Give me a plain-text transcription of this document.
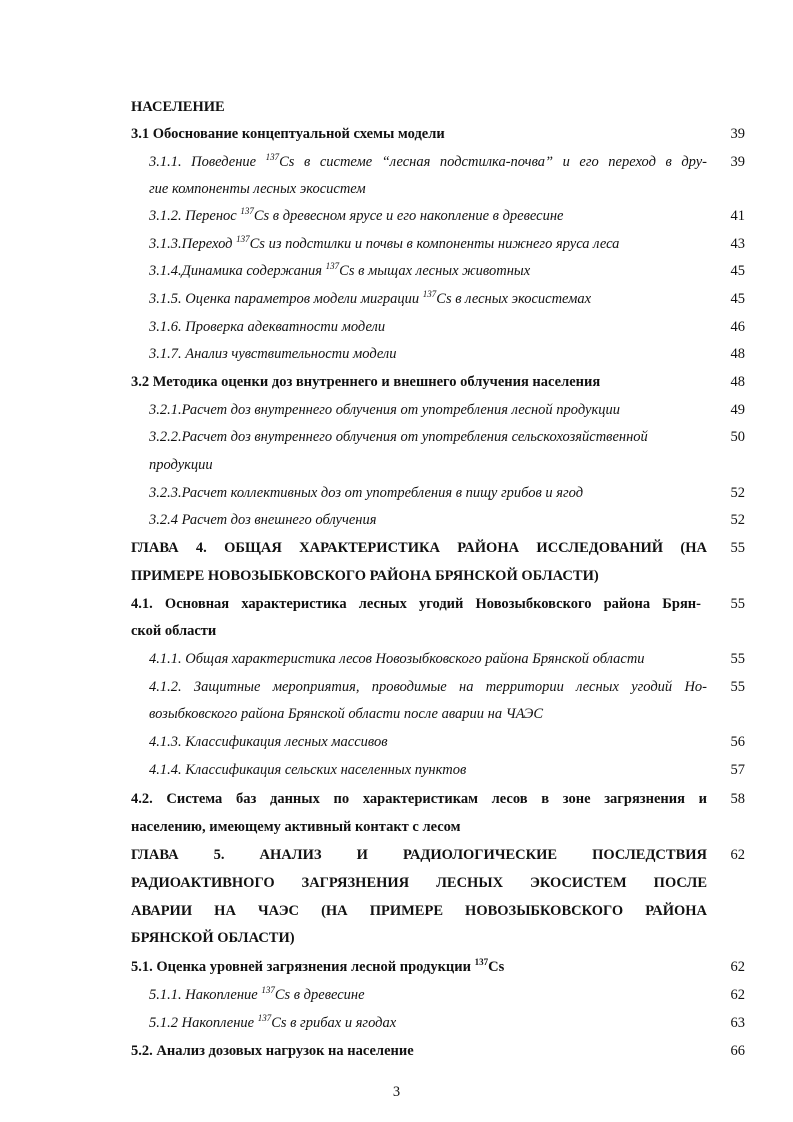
НАСЕЛЕНИЕ
3.1 Обоснование концептуальной схемы модели	39
3.1.1. Поведение $^{137}$Cs в системе “лесная подстилка-почва” и его переход в дру-	39
гие компоненты лесных экосистем
3.1.2. Перенос $^{137}$Cs в древесном ярусе и его накопление в древесине	41
3.1.3.Переход $^{137}$Cs из подстилки и почвы в компоненты нижнего яруса леса	43
3.1.4.Динамика содержания $^{137}$Cs в мыщах лесных животных	45
3.1.5. Оценка параметров модели миграции $^{137}$Cs в лесных экосистемах	45
3.1.6. Проверка адекватности модели	46
3.1.7. Анализ чувствительности модели	48
3.2 Методика оценки доз внутреннего и внешнего облучения населения	48
3.2.1.Расчет доз внутреннего облучения от употребления лесной продукции	49
3.2.2.Расчет доз внутреннего облучения от употребления сельскохозяйственной	50
продукции
3.2.3.Расчет коллективных доз от употребления в пищу грибов и ягод	52
3.2.4 Расчет доз внешнего облучения	52
ГЛАВА 4. ОБЩАЯ ХАРАКТЕРИСТИКА РАЙОНА ИССЛЕДОВАНИЙ (НА	55
ПРИМЕРЕ НОВОЗЫБКОВСКОГО РАЙОНА БРЯНСКОЙ ОБЛАСТИ)
4.1. Основная характеристика лесных угодий Новозыбковского района Брян-	55
ской области
4.1.1. Общая характеристика лесов Новозыбковского района Брянской области	55
4.1.2. Защитные мероприятия, проводимые на территории лесных угодий Но-	55
возыбковского района Брянской области после аварии на ЧАЭС
4.1.3. Классификация лесных массивов	56
4.1.4. Классификация сельских населенных пунктов	57
4.2. Система баз данных по характеристикам лесов в зоне загрязнения и	58
населению, имеющему активный контакт с лесом
ГЛАВА 5. АНАЛИЗ И РАДИОЛОГИЧЕСКИЕ ПОСЛЕДСТВИЯ	62
РАДИОАКТИВНОГО ЗАГРЯЗНЕНИЯ ЛЕСНЫХ ЭКОСИСТЕМ ПОСЛЕ
АВАРИИ НА ЧАЭС (НА ПРИМЕРЕ НОВОЗЫБКОВСКОГО РАЙОНА
БРЯНСКОЙ ОБЛАСТИ)
5.1. Оценка уровней загрязнения лесной продукции $^{137}$Cs	62
5.1.1. Накопление $^{137}$Cs в древесине	62
5.1.2 Накопление $^{137}$Cs в грибах и ягодах	63
5.2. Анализ дозовых нагрузок на население	66
3
